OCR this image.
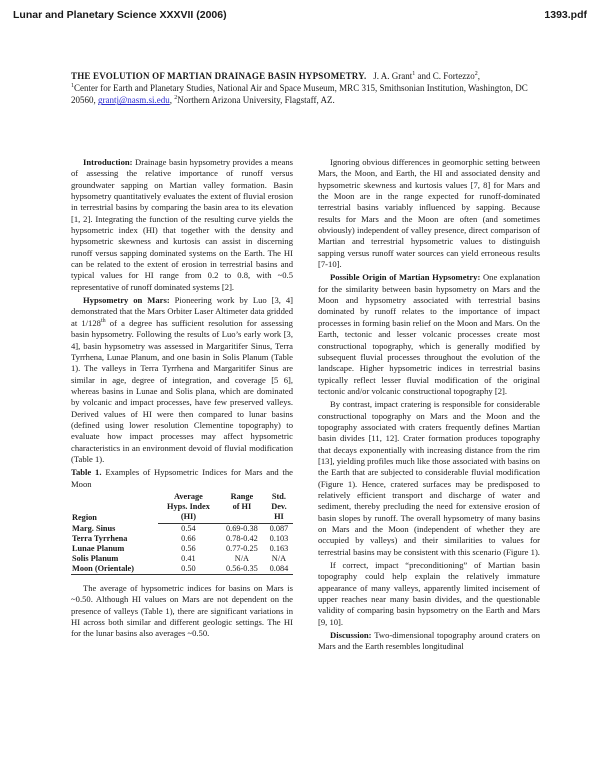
Lunar and Planetary Science XXXVII (2006)	1393.pdf
THE EVOLUTION OF MARTIAN DRAINAGE BASIN HYPSOMETRY. J. A. Grant$^1$ and C. Fortezzo$^2$,
$^1$Center for Earth and Planetary Studies, National Air and Space Museum, MRC 315, Smithsonian Institution, Washington, DC 20560, grantj@nasm.si.edu, $^2$Northern Arizona University, Flagstaff, AZ.

Introduction: Drainage basin hypsometry provides a means of assessing the relative importance of runoff versus groundwater sapping on Martian valley formation. Basin hypsometry quantitatively evaluates the extent of fluvial erosion in terrestrial basins by comparing the basin area to its elevation [1, 2]. Integrating the function of the resulting curve yields the hypsometric index (HI) that together with the density and hypsometric skewness and kurtosis can assist in discerning runoff versus sapping dominated systems on the Earth. The HI can be related to the extent of erosion in terrestrial basins and typical values for HI range from 0.2 to 0.8, with ~0.5 representative of runoff dominated systems [2].

Hypsometry on Mars: Pioneering work by Luo [3, 4] demonstrated that the Mars Orbiter Laser Altimeter data gridded at 1/128th of a degree has sufficient resolution for assessing basin hypsometry. Following the results of Luo’s early work [3, 4], basin hypsometry was assessed in Margaritifer Sinus, Terra Tyrrhena, Lunae Planum, and one basin in Solis Planum (Table 1). The valleys in Terra Tyrrhena and Margaritifer Sinus are similar in age, degree of integration, and coverage [5 6], whereas basins in Lunae and Solis plana, which are dominated by volcanic and impact processes, have few preserved valleys. Derived values of HI were then compared to lunar basins (defined using lower resolution Clementine topography) to evaluate how impact processes may affect hypsometric characteristics in an environment devoid of fluvial modification (Table 1).

Table 1. Examples of Hypsometric Indices for Mars and the Moon

Region	Average	Range	Std.
	Hyps. Index	of HI	Dev.
	(HI)		HI
Marg. Sinus	0.54	0.69-0.38	0.087
Terra Tyrrhena	0.66	0.78-0.42	0.103
Lunae Planum	0.56	0.77-0.25	0.163
Solis Planum	0.41	N/A	N/A
Moon (Orientale)	0.50	0.56-0.35	0.084

The average of hypsometric indices for basins on Mars is ~0.50. Although HI values on Mars are not dependent on the presence of valleys (Table 1), there are significant variations in HI across both similar and different geologic settings. The HI for the lunar basins also averages ~0.50.

Ignoring obvious differences in geomorphic setting between Mars, the Moon, and Earth, the HI and associated density and hypsometric skewness and kurtosis values [7, 8] for Mars and the Moon are in the range expected for runoff-dominated terrestrial basins variably influenced by sapping. Because results for Mars and the Moon are often (and sometimes obviously) independent of valley presence, direct comparison of Martian and terrestrial hypsometric values to distinguish sapping versus runoff water sources can yield erroneous results [7-10].

Possible Origin of Martian Hypsometry: One explanation for the similarity between basin hypsometry on Mars and the Moon and hypsometry associated with terrestrial basins dominated by runoff relates to the importance of impact processes in forming basin relief on the Moon and Mars. On the Earth, tectonic and lesser volcanic processes create most constructional topography, which is generally modified by subsequent fluvial processes throughout the evolution of the landscape. Higher hypsometric indices in terrestrial basins typically reflect lesser fluvial modification of the original tectonic and/or volcanic constructional topography [2].

By contrast, impact cratering is responsible for considerable constructional topography on Mars and the Moon and the topography associated with craters frequently defines Martian basin divides [11, 12]. Crater formation produces topography that decays exponentially with increasing distance from the rim [13], yielding profiles much like those associated with basins on the Earth that are subjected to considerable fluvial modification (Figure 1). Hence, cratered surfaces may be predisposed to relatively efficient transport and discharge of water and sediment, thereby precluding the need for extensive erosion of basin slopes by runoff. The overall hypsometry of many basins on Mars and the Moon (independent of whether they are occupied by valleys) and their similarities to values for terrestrial basins may be consistent with this scenario (Figure 1).

If correct, impact “preconditioning” of Martian basin topography could help explain the relatively immature appearance of many valleys, apparently limited incisement of upper reaches near many basin divides, and the questionable validity of comparing basin hypsometry on the Earth and Mars [9, 10].

Discussion: Two-dimensional topography around craters on Mars and the Earth resembles longitudinal
